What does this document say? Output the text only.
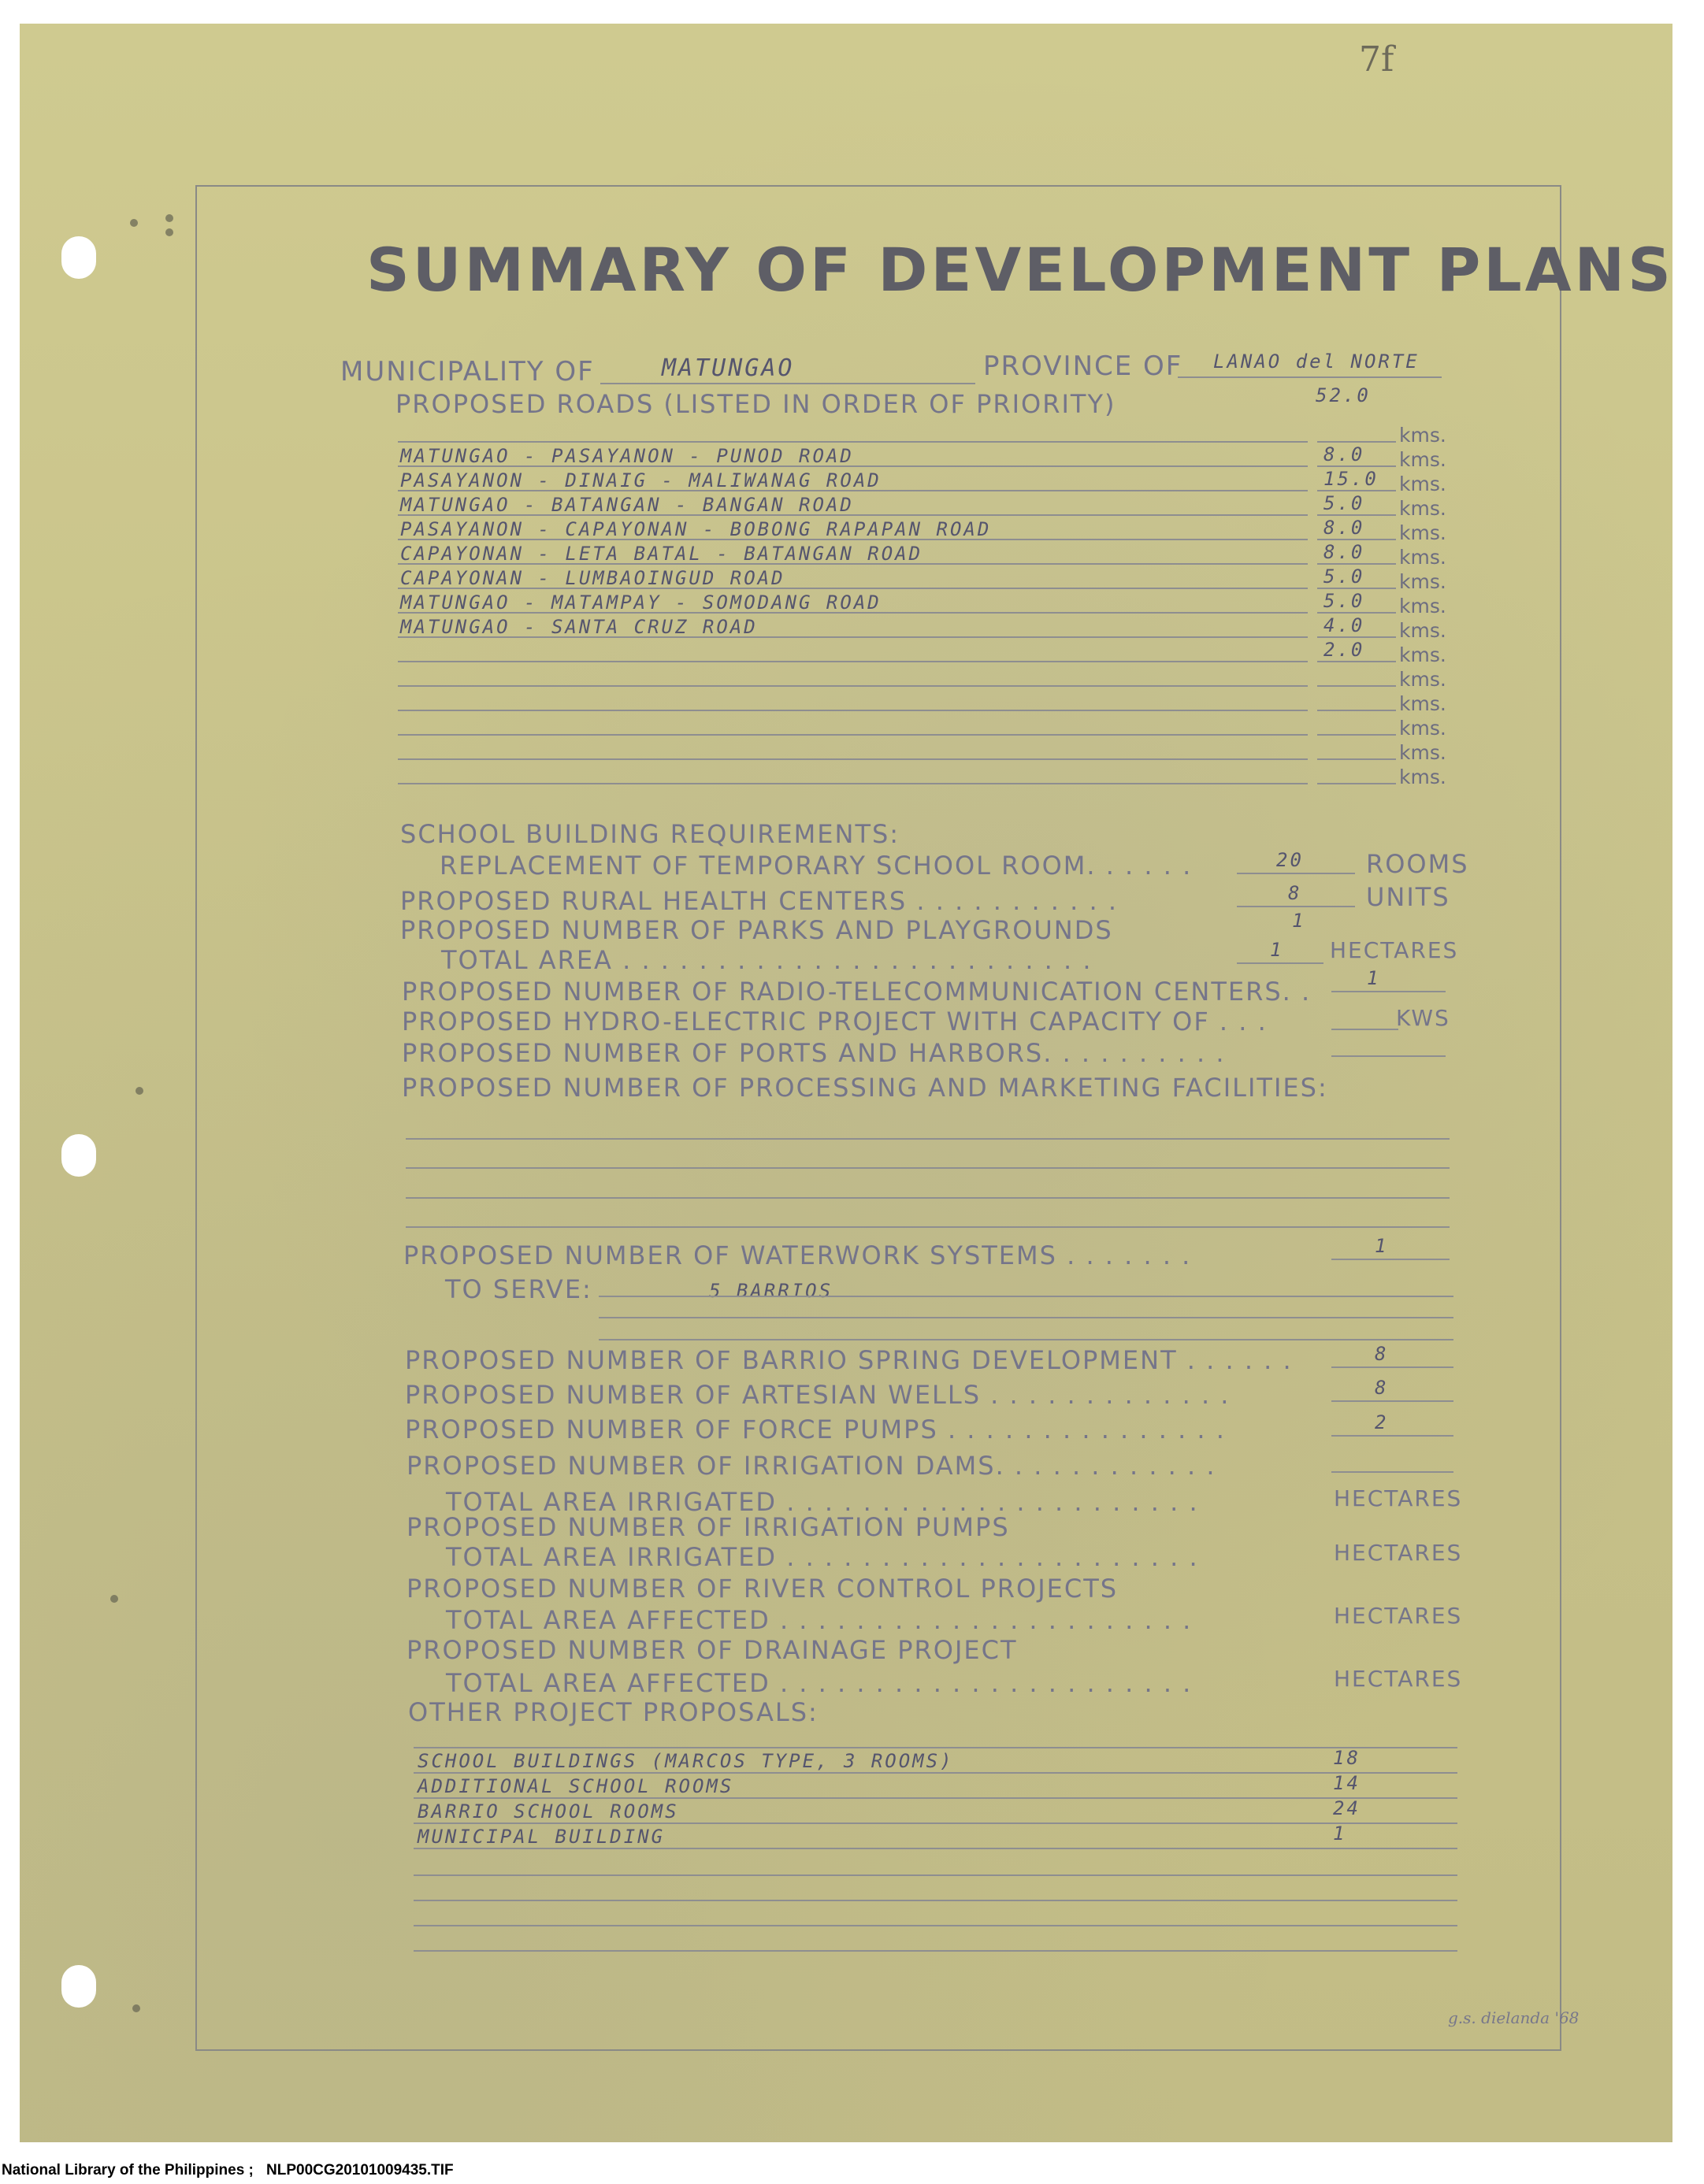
7f
SUMMARY OF DEVELOPMENT PLANS
MUNICIPALITY OF	MATUNGAO	PROVINCE OF LANAO del NORTE
PROPOSED ROADS (LISTED IN ORDER OF PRIORITY)	52.0
kms.
MATUNGAO - PASAYANON - PUNOD ROAD	8.0 kms.
PASAYANON - DINAIG - MALIWANAG ROAD	15.0 kms.
MATUNGAO - BATANGAN - BANGAN ROAD	5.0 kms.
PASAYANON - CAPAYONAN - BOBONG RAPAPAN ROAD	8.0 kms.
CAPAYONAN - LETA BATAL - BATANGAN ROAD	8.0 kms.
CAPAYONAN - LUMBAOINGUD ROAD	5.0 kms.
MATUNGAO - MATAMPAY - SOMODANG ROAD	5.0 kms.
MATUNGAO - SANTA CRUZ ROAD	4.0 kms.
2.0 kms.
kms.
kms.
kms.
kms.
kms.
SCHOOL BUILDING REQUIREMENTS:
REPLACEMENT OF TEMPORARY SCHOOL ROOM. . . . . .	20 ROOMS
PROPOSED RURAL HEALTH CENTERS . . . . . . . . . . .	8	UNITS
PROPOSED NUMBER OF PARKS AND PLAYGROUNDS	1
TOTAL AREA . . . . . . . . . . . . . . . . . . . . . . . . .	1 HECTARES
PROPOSED NUMBER OF RADIO-TELECOMMUNICATION CENTERS. .	1
PROPOSED HYDRO-ELECTRIC PROJECT WITH CAPACITY OF . . .	KWS
PROPOSED NUMBER OF PORTS AND HARBORS. . . . . . . . . .
PROPOSED NUMBER OF PROCESSING AND MARKETING FACILITIES:
PROPOSED NUMBER OF WATERWORK SYSTEMS . . . . . . .	1
TO SERVE:	5 BARRIOS
PROPOSED NUMBER OF BARRIO SPRING DEVELOPMENT . . . . . .	8
PROPOSED NUMBER OF ARTESIAN WELLS . . . . . . . . . . . . .	8
PROPOSED NUMBER OF FORCE PUMPS . . . . . . . . . . . . . . .	2
PROPOSED NUMBER OF IRRIGATION DAMS. . . . . . . . . . . .
TOTAL AREA IRRIGATED . . . . . . . . . . . . . . . . . . . . . .	HECTARES
PROPOSED NUMBER OF IRRIGATION PUMPS
TOTAL AREA IRRIGATED . . . . . . . . . . . . . . . . . . . . . .	HECTARES
PROPOSED NUMBER OF RIVER CONTROL PROJECTS
TOTAL AREA AFFECTED . . . . . . . . . . . . . . . . . . . . . .	HECTARES
PROPOSED NUMBER OF DRAINAGE PROJECT
TOTAL AREA AFFECTED . . . . . . . . . . . . . . . . . . . . . .	HECTARES
OTHER PROJECT PROPOSALS:
SCHOOL BUILDINGS (MARCOS TYPE, 3 ROOMS)	18
ADDITIONAL SCHOOL ROOMS	14
BARRIO SCHOOL ROOMS	24
MUNICIPAL BUILDING	1
g.s. dielanda '68
National Library of the Philippines ; NLP00CG20101009435.TIF
